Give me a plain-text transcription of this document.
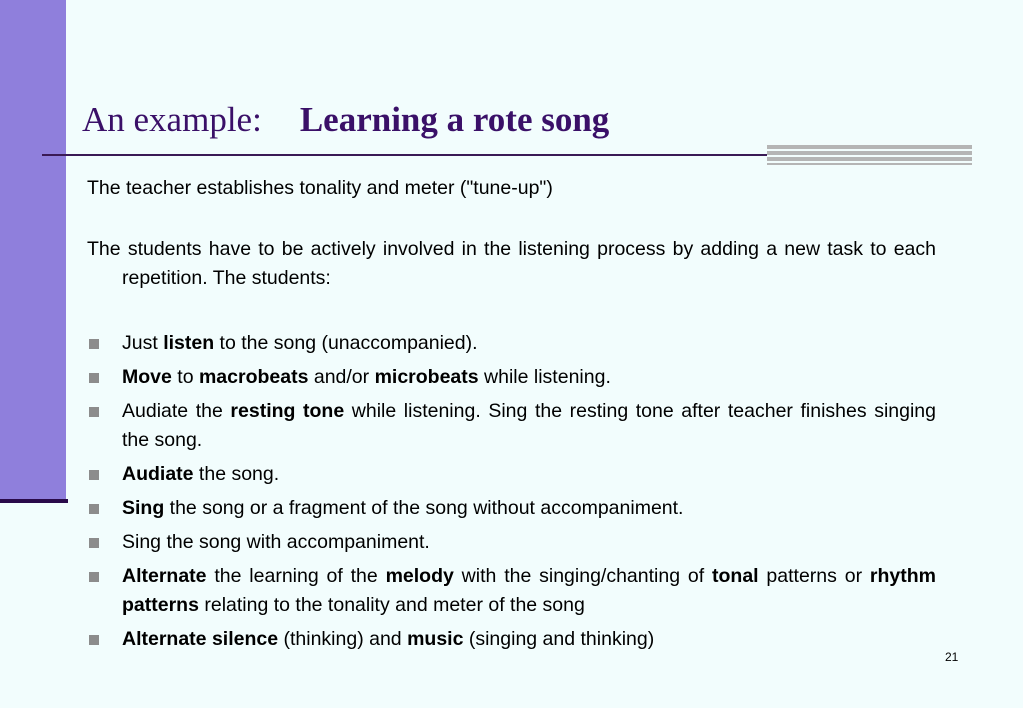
An example: Learning a rote song

The teacher establishes tonality and meter ("tune-up")

The students have to be actively involved in the listening process by adding a new task to each repetition. The students:

Just listen to the song (unaccompanied).
Move to macrobeats and/or microbeats while listening.
Audiate the resting tone while listening. Sing the resting tone after teacher finishes singing the song.
Audiate the song.
Sing the song or a fragment of the song without accompaniment.
Sing the song with accompaniment.
Alternate the learning of the melody with the singing/chanting of tonal patterns or rhythm patterns relating to the tonality and meter of the song
Alternate silence (thinking) and music (singing and thinking)
21
